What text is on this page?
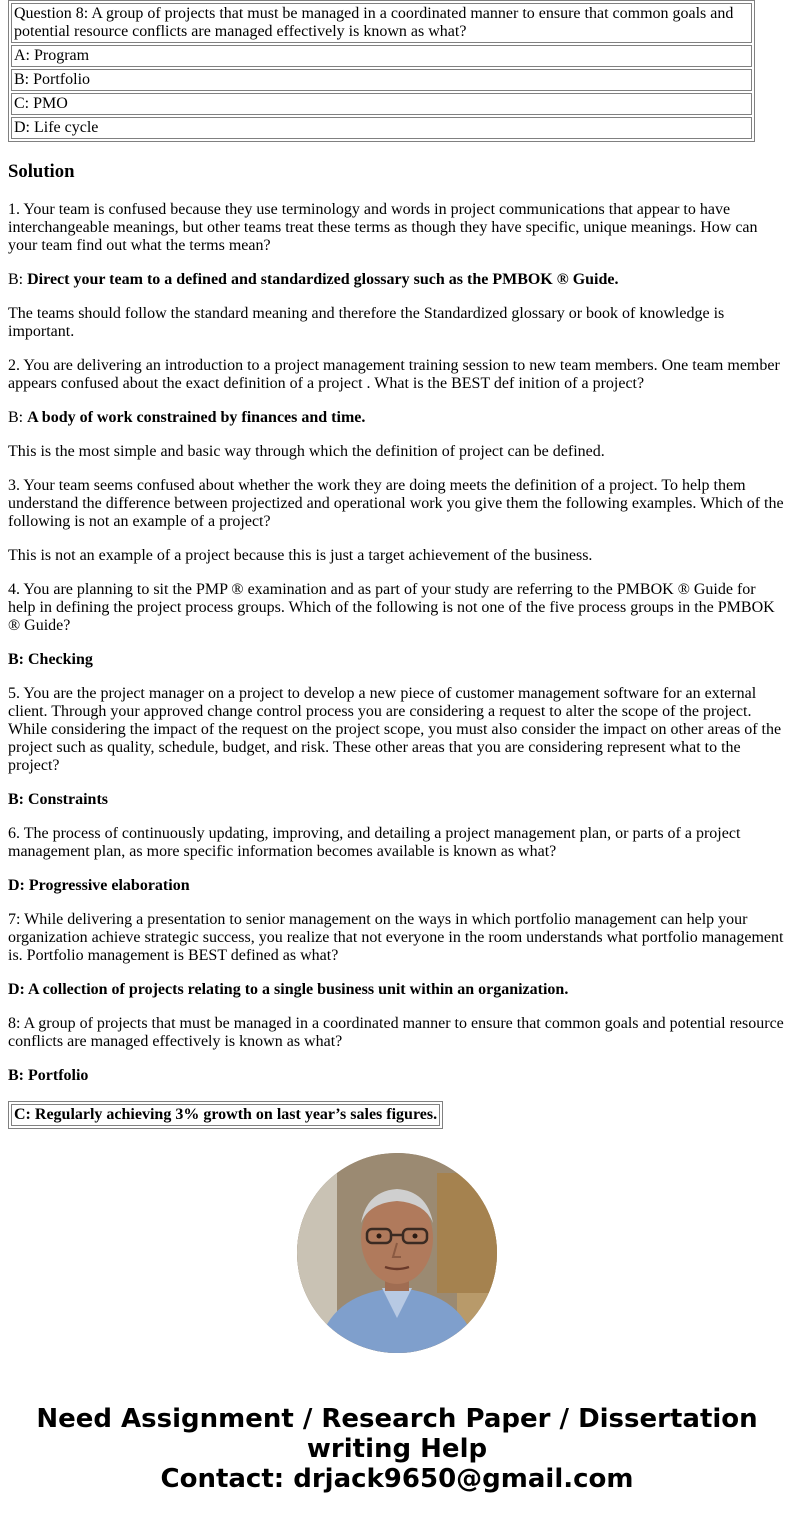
Question 8: A group of projects that must be managed in a coordinated manner to ensure that common goals and potential resource conflicts are managed effectively is known as what?
A: Program
B: Portfolio
C: PMO
D: Life cycle
Solution

1. Your team is confused because they use terminology and words in project communications that appear to have interchangeable meanings, but other teams treat these terms as though they have specific, unique meanings. How can your team find out what the terms mean?

B: Direct your team to a defined and standardized glossary such as the PMBOK ® Guide.

The teams should follow the standard meaning and therefore the Standardized glossary or book of knowledge is important.

2. You are delivering an introduction to a project management training session to new team members. One team member appears confused about the exact definition of a project . What is the BEST def inition of a project?

B: A body of work constrained by finances and time.

This is the most simple and basic way through which the definition of project can be defined.

3. Your team seems confused about whether the work they are doing meets the definition of a project. To help them understand the difference between projectized and operational work you give them the following examples. Which of the following is not an example of a project?

This is not an example of a project because this is just a target achievement of the business.

4. You are planning to sit the PMP ® examination and as part of your study are referring to the PMBOK ® Guide for help in defining the project process groups. Which of the following is not one of the five process groups in the PMBOK ® Guide?

B: Checking

5. You are the project manager on a project to develop a new piece of customer management software for an external client. Through your approved change control process you are considering a request to alter the scope of the project. While considering the impact of the request on the project scope, you must also consider the impact on other areas of the project such as quality, schedule, budget, and risk. These other areas that you are considering represent what to the project?

B: Constraints

6. The process of continuously updating, improving, and detailing a project management plan, or parts of a project management plan, as more specific information becomes available is known as what?

D: Progressive elaboration

7: While delivering a presentation to senior management on the ways in which portfolio management can help your organization achieve strategic success, you realize that not everyone in the room understands what portfolio management is. Portfolio management is BEST defined as what?

D: A collection of projects relating to a single business unit within an organization.

8: A group of projects that must be managed in a coordinated manner to ensure that common goals and potential resource conflicts are managed effectively is known as what?

B: Portfolio

C: Regularly achieving 3% growth on last year’s sales figures.
Need Assignment / Research Paper / Dissertation writing Help
Contact: drjack9650@gmail.com
